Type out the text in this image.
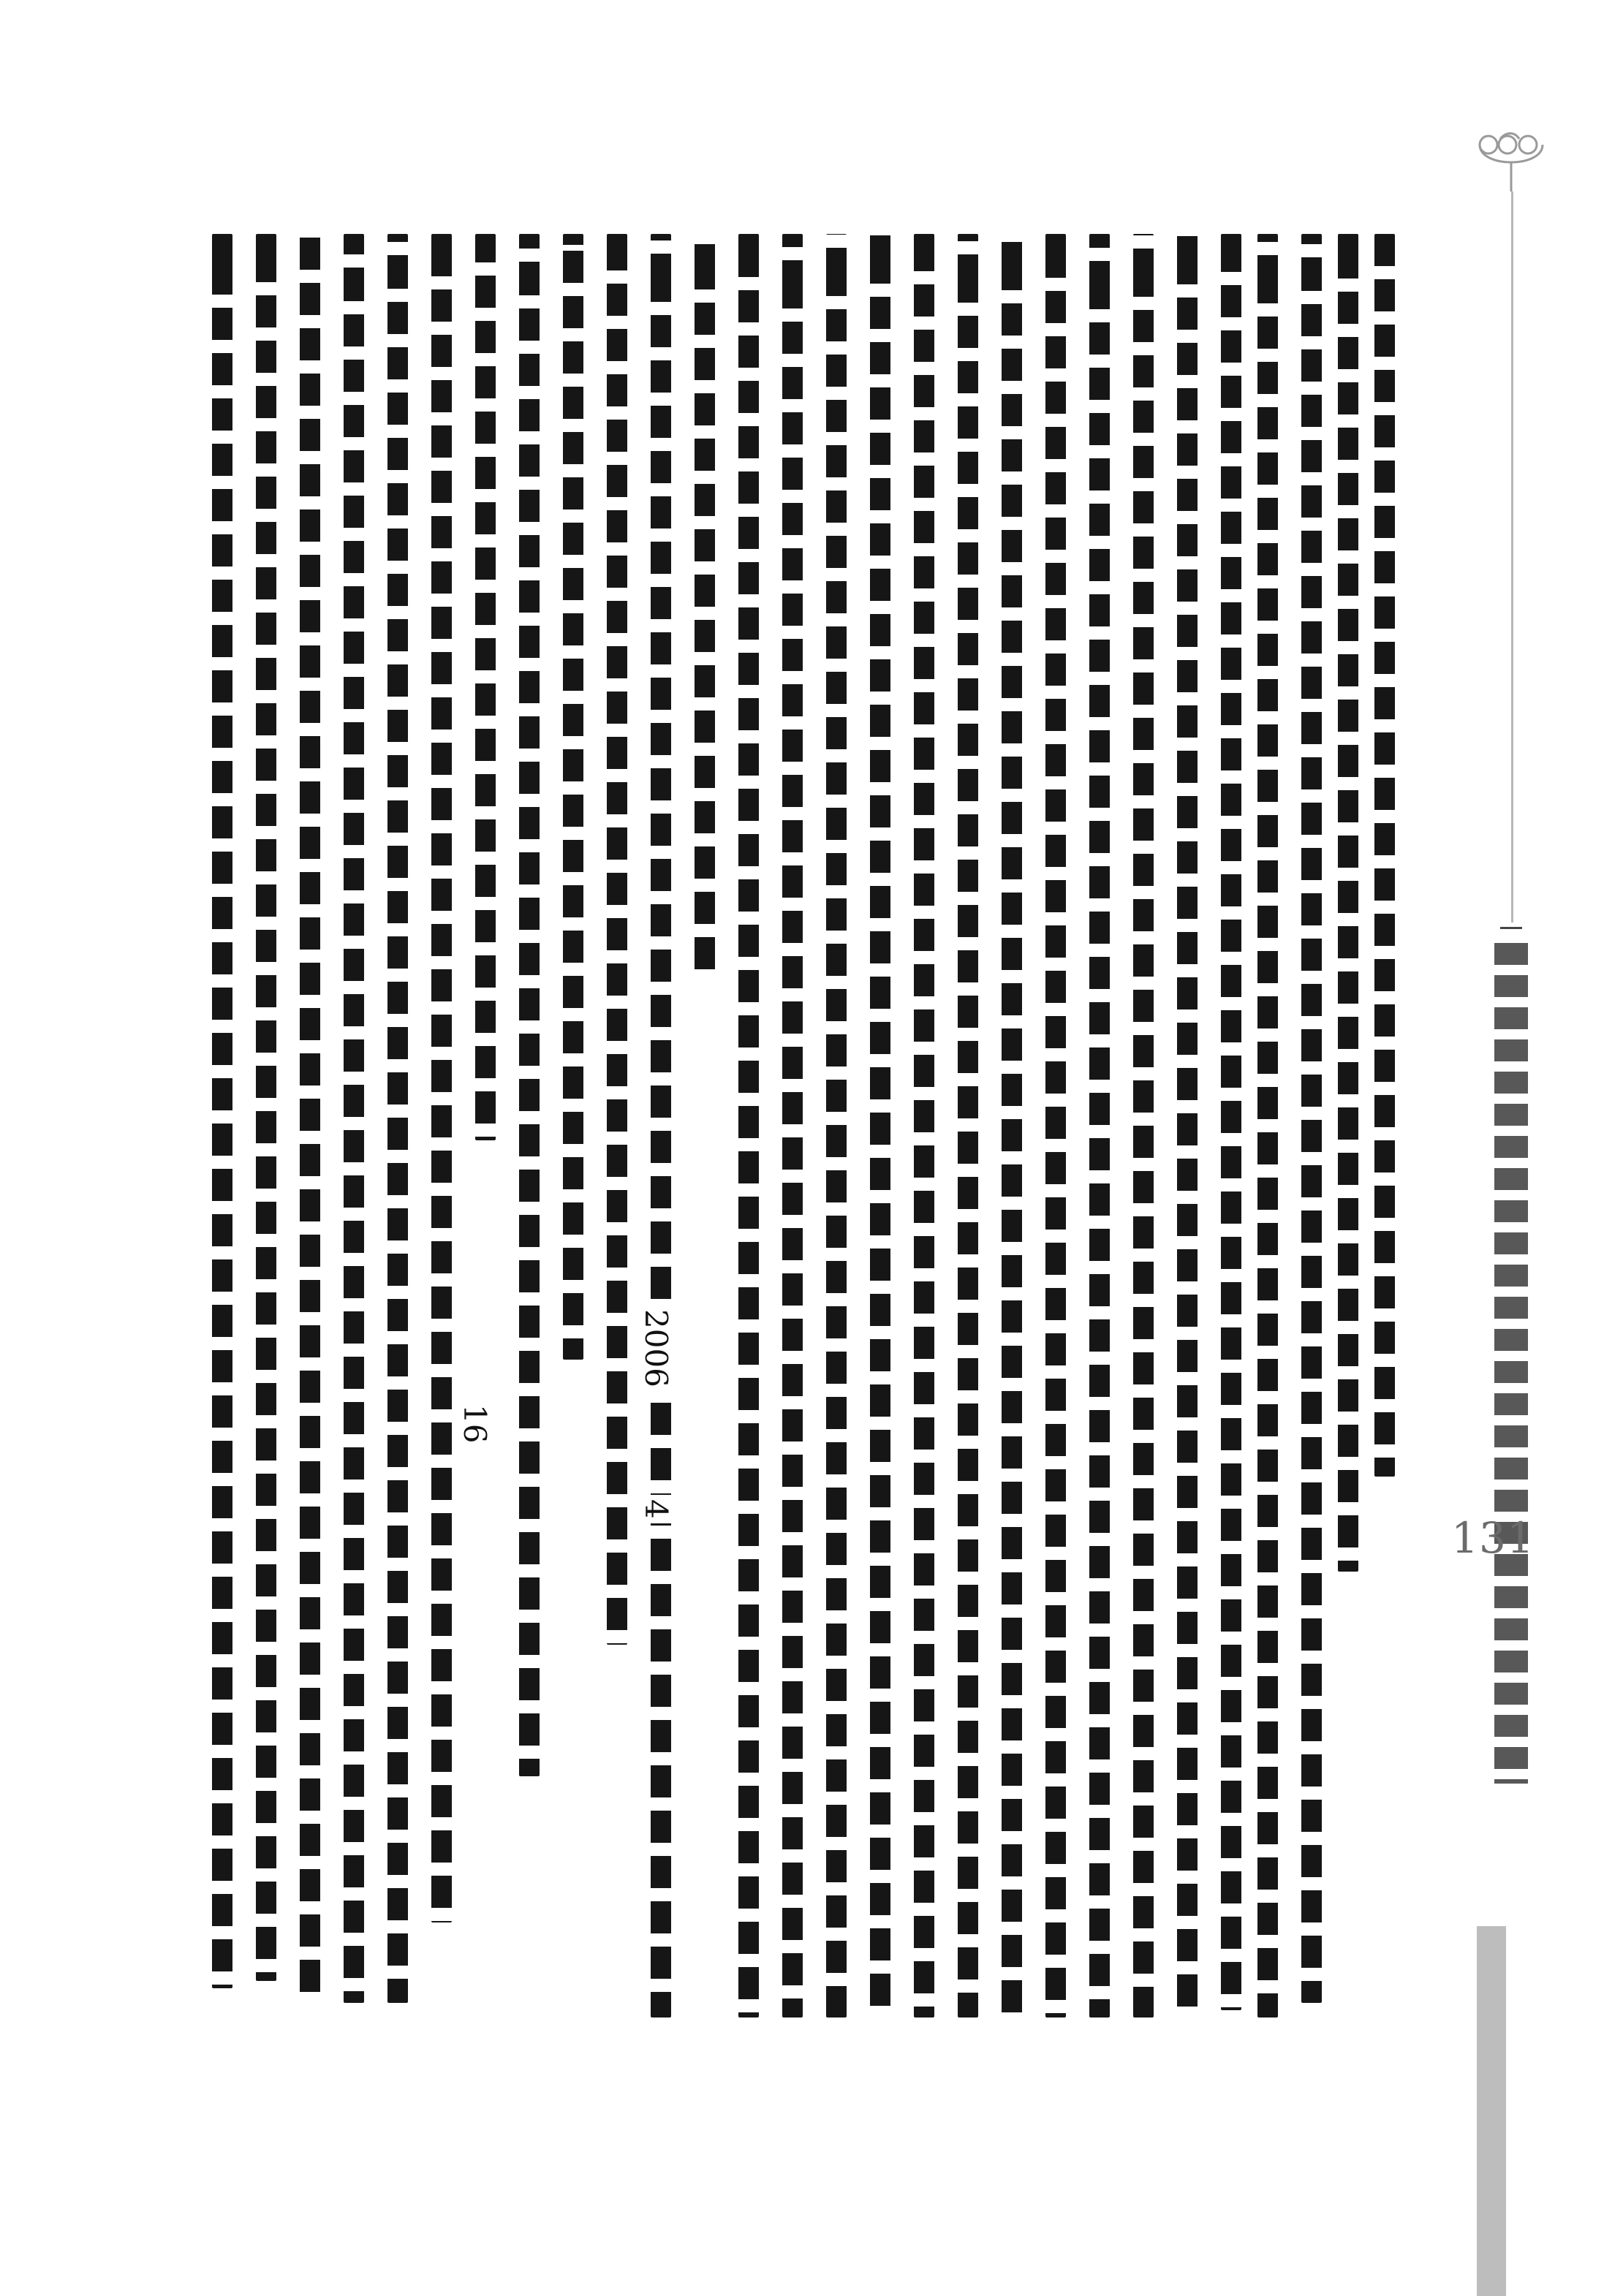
2006
4
16
131
